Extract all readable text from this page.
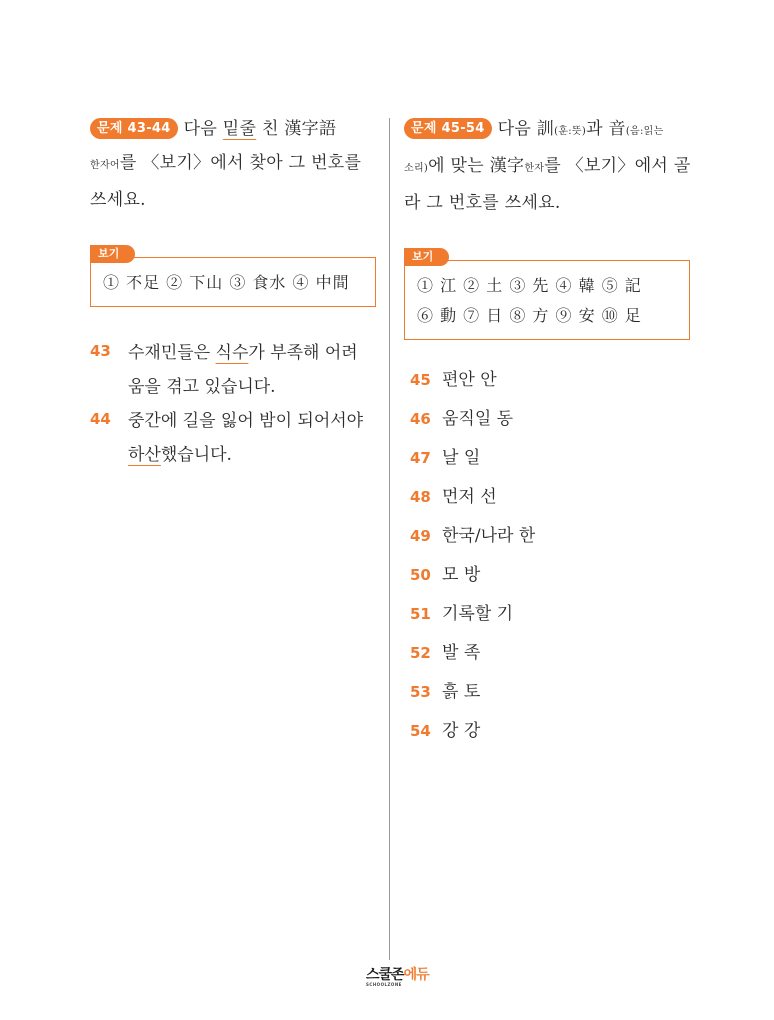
문제 43-44 다음 밑줄 친 漢字語
한자어를 〈보기〉에서 찾아 그 번호를
쓰세요.
보기
① 不足 ② 下山 ③ 食水 ④ 中間
43 수재민들은 식수가 부족해 어려
움을 겪고 있습니다.
44 중간에 길을 잃어 밤이 되어서야
하산했습니다.
문제 45-54 다음 訓(훈:뜻)과 音(음:읽는
소리)에 맞는 漢字한자를 〈보기〉에서 골
라 그 번호를 쓰세요.
보기
① 江 ② 土 ③ 先 ④ 韓 ⑤ 記
⑥ 動 ⑦ 日 ⑧ 方 ⑨ 安 ⑩ 足
45 편안 안
46 움직일 동
47 날 일
48 먼저 선
49 한국/나라 한
50 모 방
51 기록할 기
52 발 족
53 흙 토
54 강 강
스쿨존에듀
SCHOOLZONE
